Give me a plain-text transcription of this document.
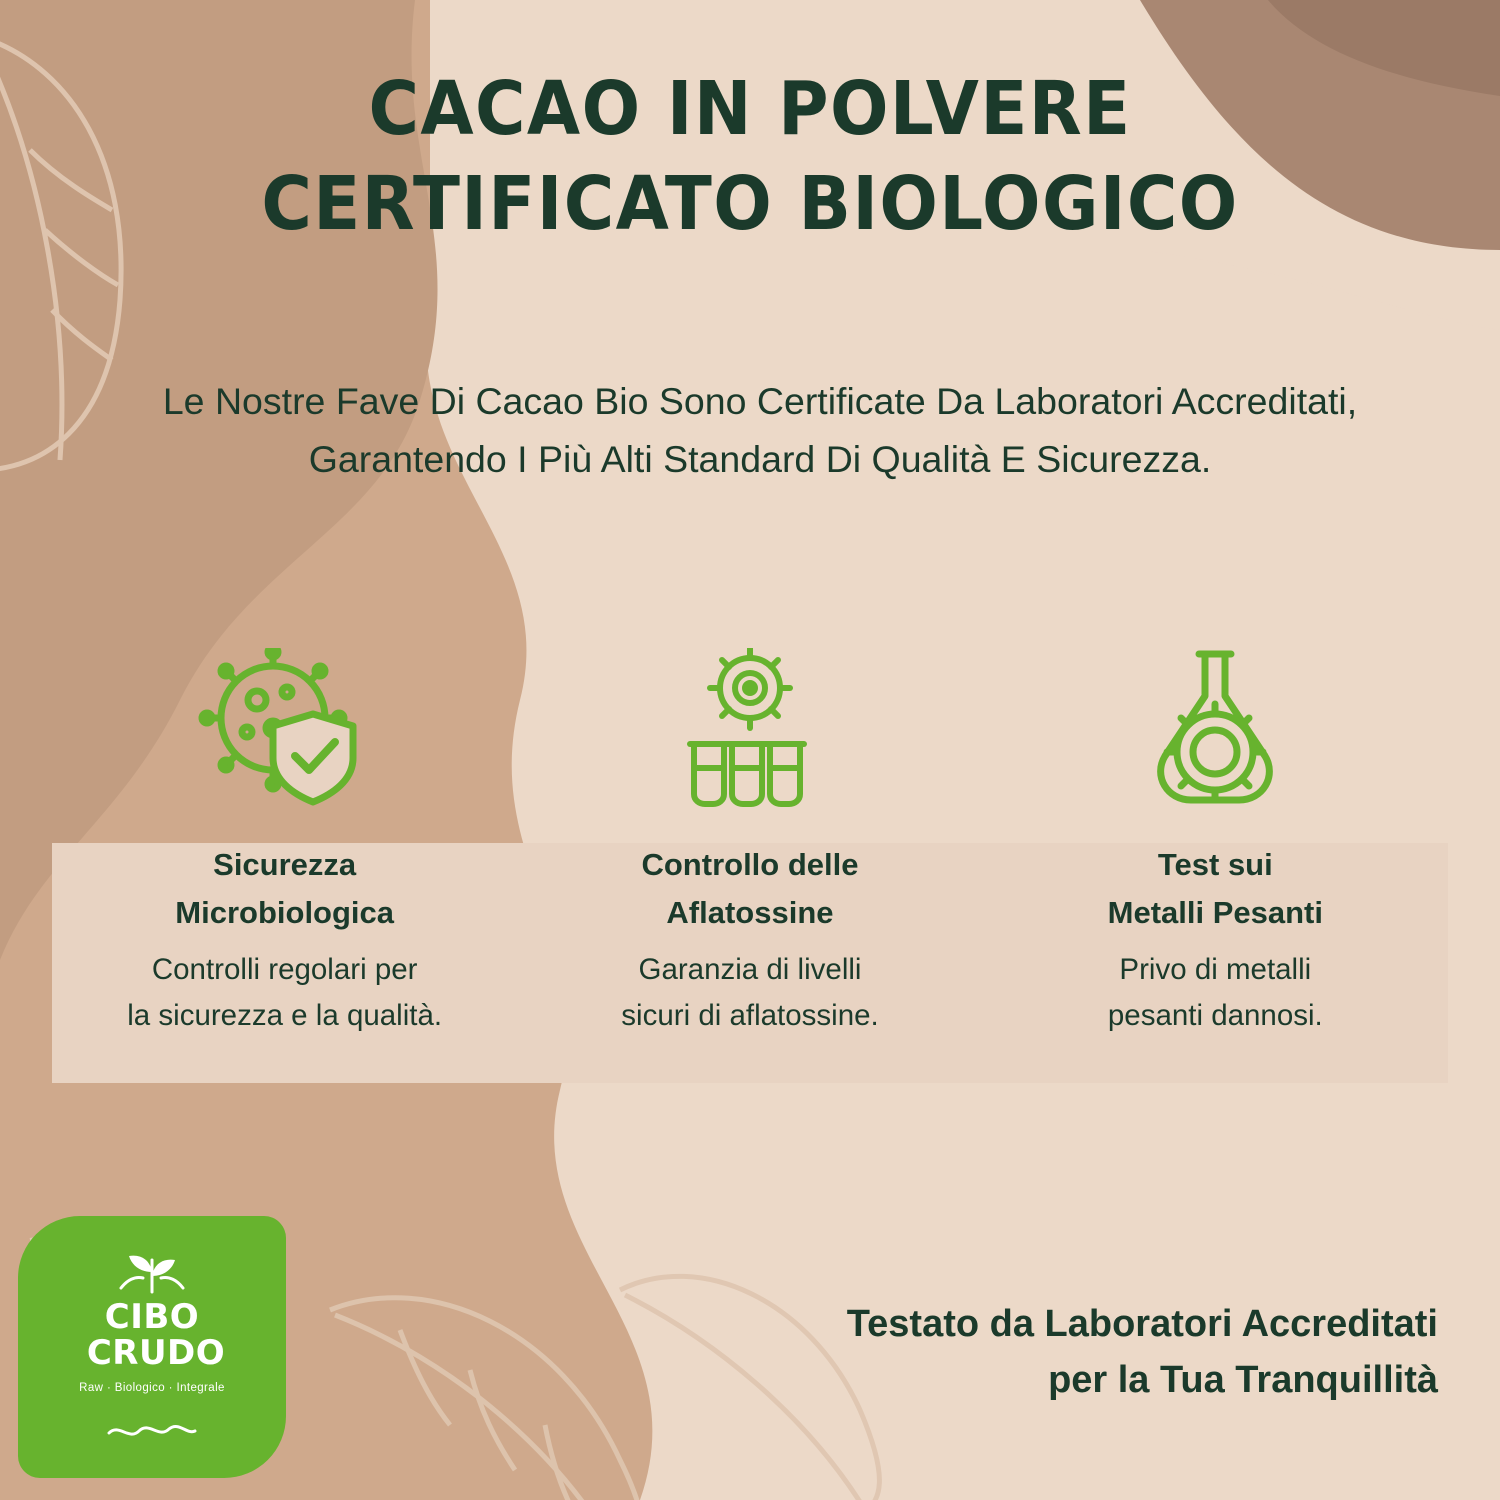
CACAO IN POLVERE
CERTIFICATO BIOLOGICO
Le Nostre Fave Di Cacao Bio Sono Certificate Da Laboratori Accreditati, Garantendo I Più Alti Standard Di Qualità E Sicurezza.
Sicurezza
Microbiologica
Controlli regolari per
la sicurezza e la qualità.
Controllo delle
Aflatossine
Garanzia di livelli
sicuri di aflatossine.
Test sui
Metalli Pesanti
Privo di metalli
pesanti dannosi.
Testato da Laboratori Accreditati
per la Tua Tranquillità
CIBO
CRUDO
Raw · Biologico · Integrale
